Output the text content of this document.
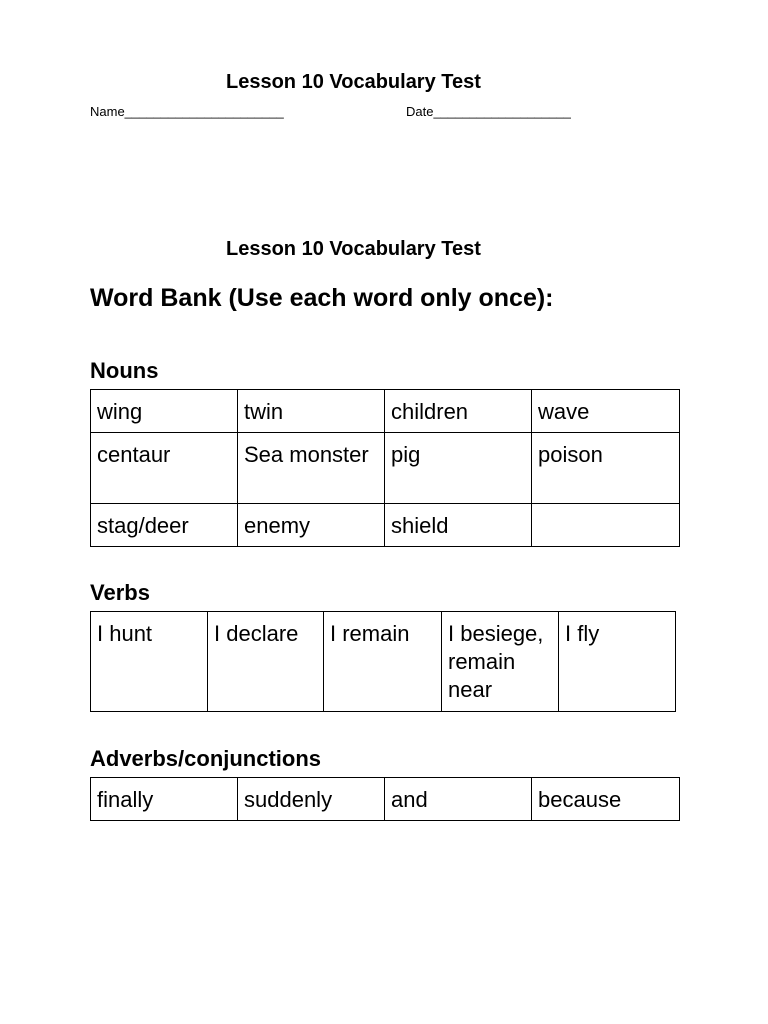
Lesson 10 Vocabulary Test
Name______________________	Date___________________
Lesson 10 Vocabulary Test
Word Bank (Use each word only once):
Nouns
wing	twin	children	wave
centaur	Sea monster	pig	poison
stag/deer	enemy	shield	
Verbs
I hunt	I declare	I remain	I besiege, remain near	I fly
Adverbs/conjunctions
finally	suddenly	and	because
